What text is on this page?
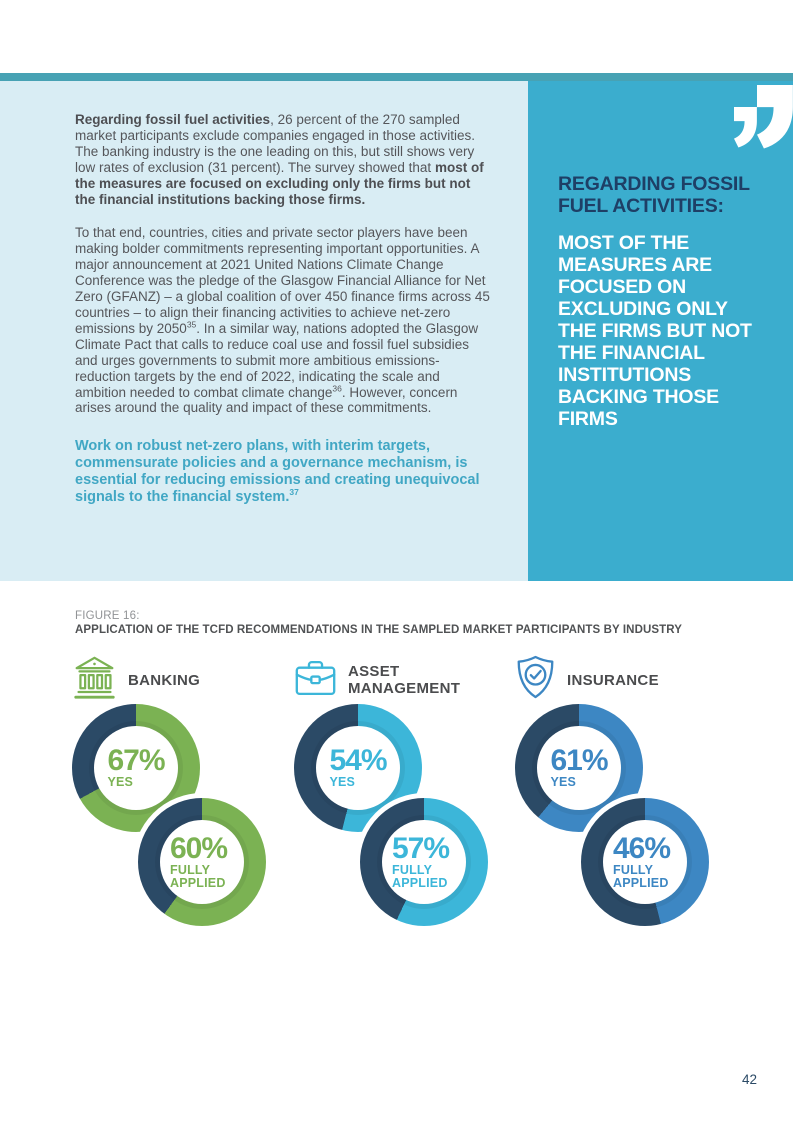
Regarding fossil fuel activities, 26 percent of the 270 sampled market participants exclude companies engaged in those activities. The banking industry is the one leading on this, but still shows very low rates of exclusion (31 percent). The survey showed that most of the measures are focused on excluding only the firms but not the financial institutions backing those firms.

To that end, countries, cities and private sector players have been making bolder commitments representing important opportunities. A major announcement at 2021 United Nations Climate Change Conference was the pledge of the Glasgow Financial Alliance for Net Zero (GFANZ) – a global coalition of over 450 finance firms across 45 countries – to align their financing activities to achieve net-zero emissions by 2050$^{35}$. In a similar way, nations adopted the Glasgow Climate Pact that calls to reduce coal use and fossil fuel subsidies and urges governments to submit more ambitious emissions-reduction targets by the end of 2022, indicating the scale and ambition needed to combat climate change$^{36}$. However, concern arises around the quality and impact of these commitments.

Work on robust net-zero plans, with interim targets, commensurate policies and a governance mechanism, is essential for reducing emissions and creating unequivocal signals to the financial system.$^{37}$

REGARDING FOSSIL FUEL ACTIVITIES:

MOST OF THE MEASURES ARE FOCUSED ON EXCLUDING ONLY THE FIRMS BUT NOT THE FINANCIAL INSTITUTIONS BACKING THOSE FIRMS

FIGURE 16:
APPLICATION OF THE TCFD RECOMMENDATIONS IN THE SAMPLED MARKET PARTICIPANTS BY INDUSTRY
BANKING
67%
YES
60%
FULLY APPLIED
ASSET MANAGEMENT
54%
YES
57%
FULLY APPLIED
INSURANCE
61%
YES
46%
FULLY APPLIED
42
